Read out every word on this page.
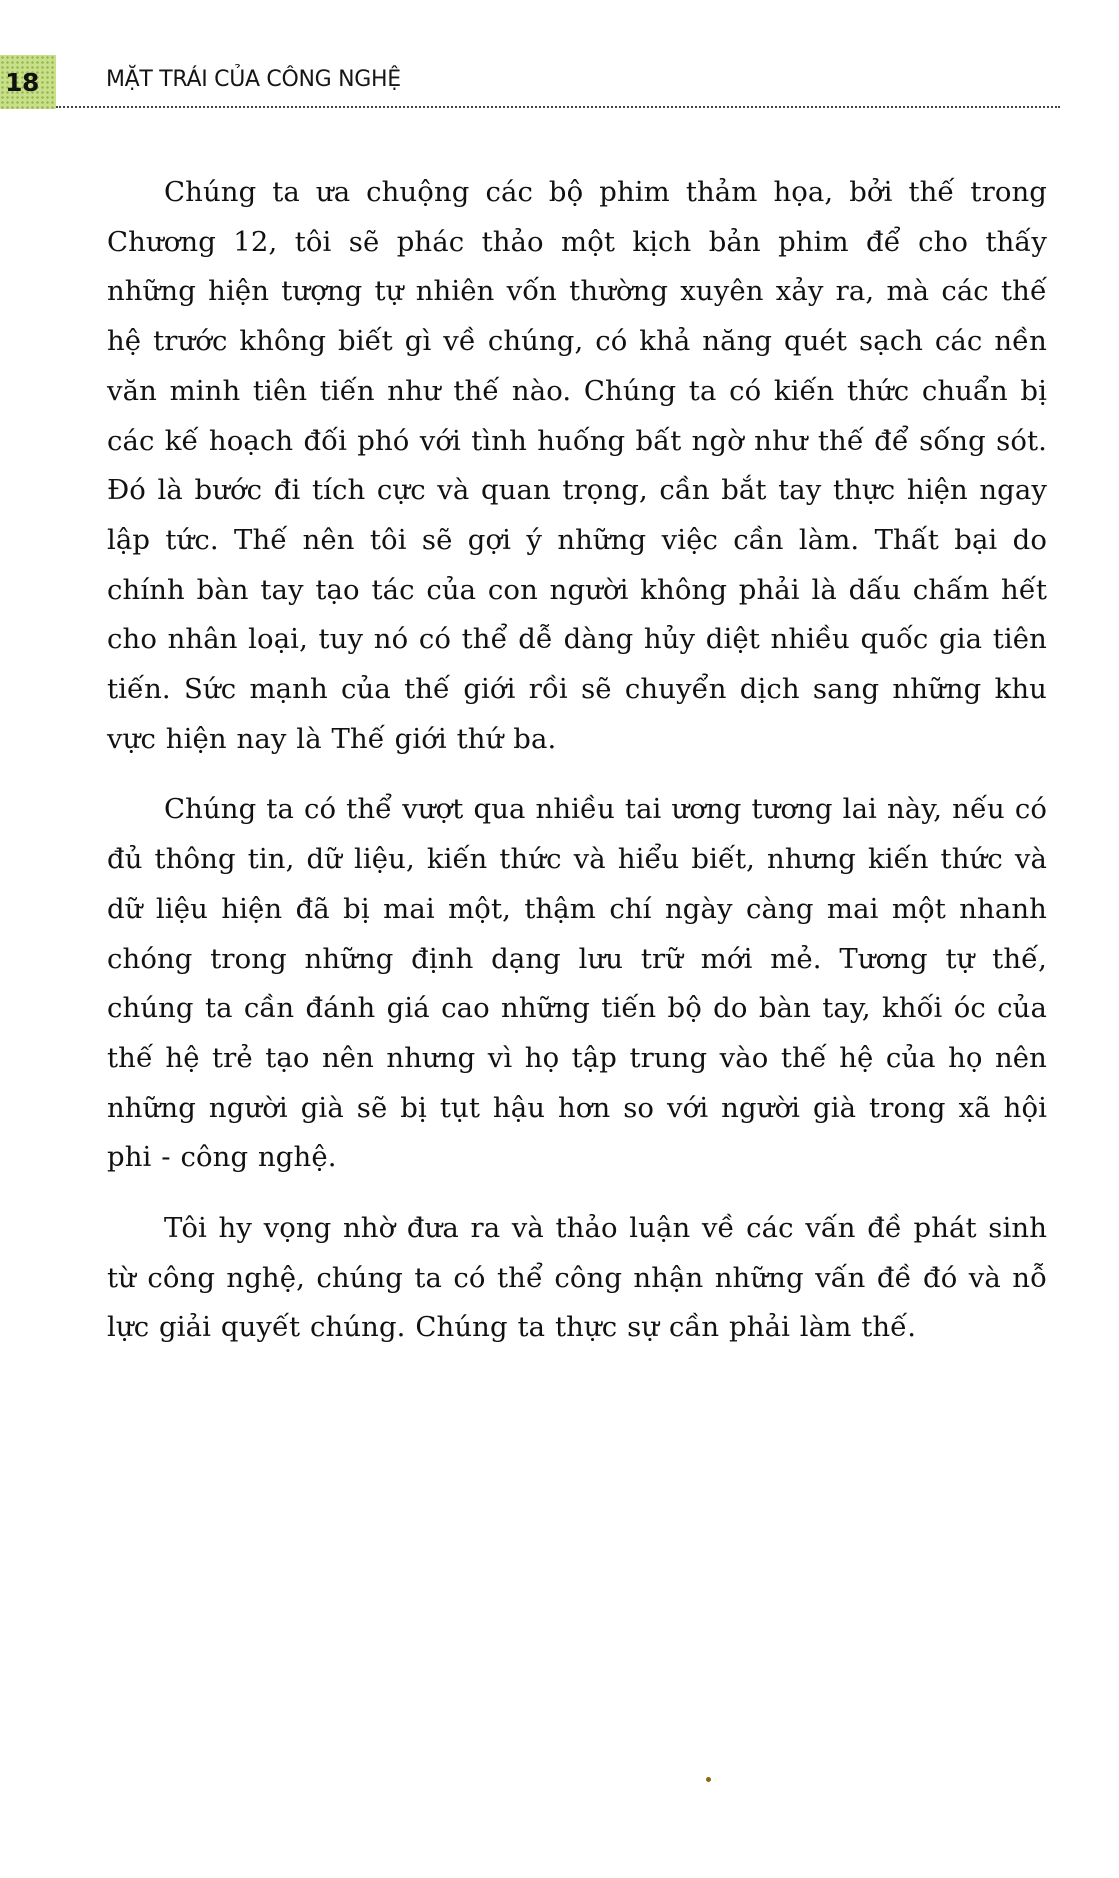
18	MẶT TRÁI CỦA CÔNG NGHỆ

Chúng ta ưa chuộng các bộ phim thảm họa, bởi thế trong Chương 12, tôi sẽ phác thảo một kịch bản phim để cho thấy những hiện tượng tự nhiên vốn thường xuyên xảy ra, mà các thế hệ trước không biết gì về chúng, có khả năng quét sạch các nền văn minh tiên tiến như thế nào. Chúng ta có kiến thức chuẩn bị các kế hoạch đối phó với tình huống bất ngờ như thế để sống sót. Đó là bước đi tích cực và quan trọng, cần bắt tay thực hiện ngay lập tức. Thế nên tôi sẽ gợi ý những việc cần làm. Thất bại do chính bàn tay tạo tác của con người không phải là dấu chấm hết cho nhân loại, tuy nó có thể dễ dàng hủy diệt nhiều quốc gia tiên tiến. Sức mạnh của thế giới rồi sẽ chuyển dịch sang những khu vực hiện nay là Thế giới thứ ba.

Chúng ta có thể vượt qua nhiều tai ương tương lai này, nếu có đủ thông tin, dữ liệu, kiến thức và hiểu biết, nhưng kiến thức và dữ liệu hiện đã bị mai một, thậm chí ngày càng mai một nhanh chóng trong những định dạng lưu trữ mới mẻ. Tương tự thế, chúng ta cần đánh giá cao những tiến bộ do bàn tay, khối óc của thế hệ trẻ tạo nên nhưng vì họ tập trung vào thế hệ của họ nên những người già sẽ bị tụt hậu hơn so với người già trong xã hội phi - công nghệ.

Tôi hy vọng nhờ đưa ra và thảo luận về các vấn đề phát sinh từ công nghệ, chúng ta có thể công nhận những vấn đề đó và nỗ lực giải quyết chúng. Chúng ta thực sự cần phải làm thế.
